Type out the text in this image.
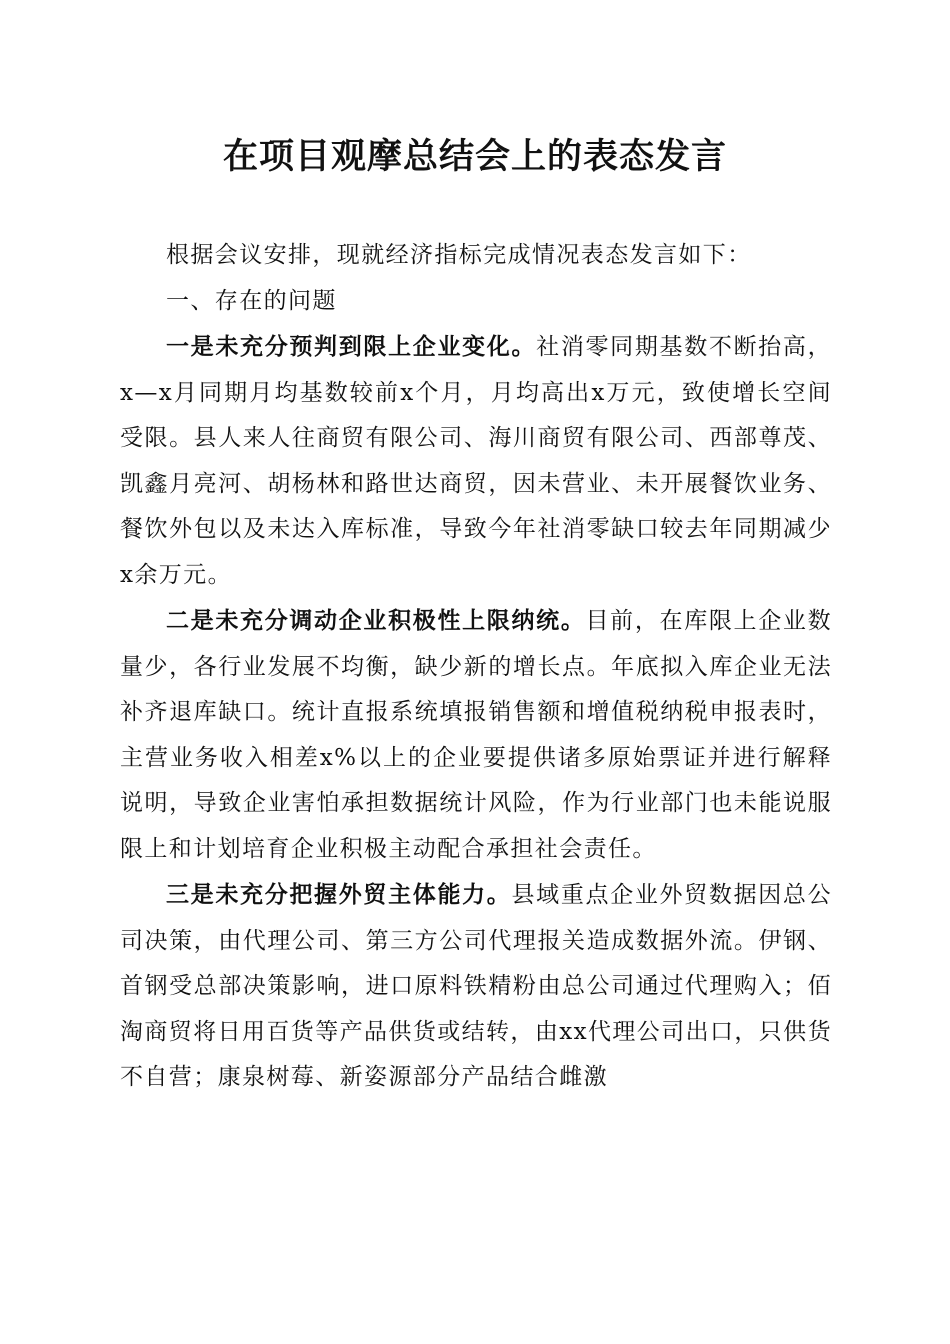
在项目观摩总结会上的表态发言

根据会议安排，现就经济指标完成情况表态发言如下：

一、存在的问题

一是未充分预判到限上企业变化。社消零同期基数不断抬高，x—x月同期月均基数较前x个月，月均高出x万元，致使增长空间受限。县人来人往商贸有限公司、海川商贸有限公司、西部尊茂、凯鑫月亮河、胡杨林和路世达商贸，因未营业、未开展餐饮业务、餐饮外包以及未达入库标准，导致今年社消零缺口较去年同期减少x余万元。

二是未充分调动企业积极性上限纳统。目前，在库限上企业数量少，各行业发展不均衡，缺少新的增长点。年底拟入库企业无法补齐退库缺口。统计直报系统填报销售额和增值税纳税申报表时，主营业务收入相差x%以上的企业要提供诸多原始票证并进行解释说明，导致企业害怕承担数据统计风险，作为行业部门也未能说服限上和计划培育企业积极主动配合承担社会责任。

三是未充分把握外贸主体能力。县域重点企业外贸数据因总公司决策，由代理公司、第三方公司代理报关造成数据外流。伊钢、首钢受总部决策影响，进口原料铁精粉由总公司通过代理购入；佰淘商贸将日用百货等产品供货或结转，由xx代理公司出口，只供货不自营；康泉树莓、新姿源部分产品结合雌激
